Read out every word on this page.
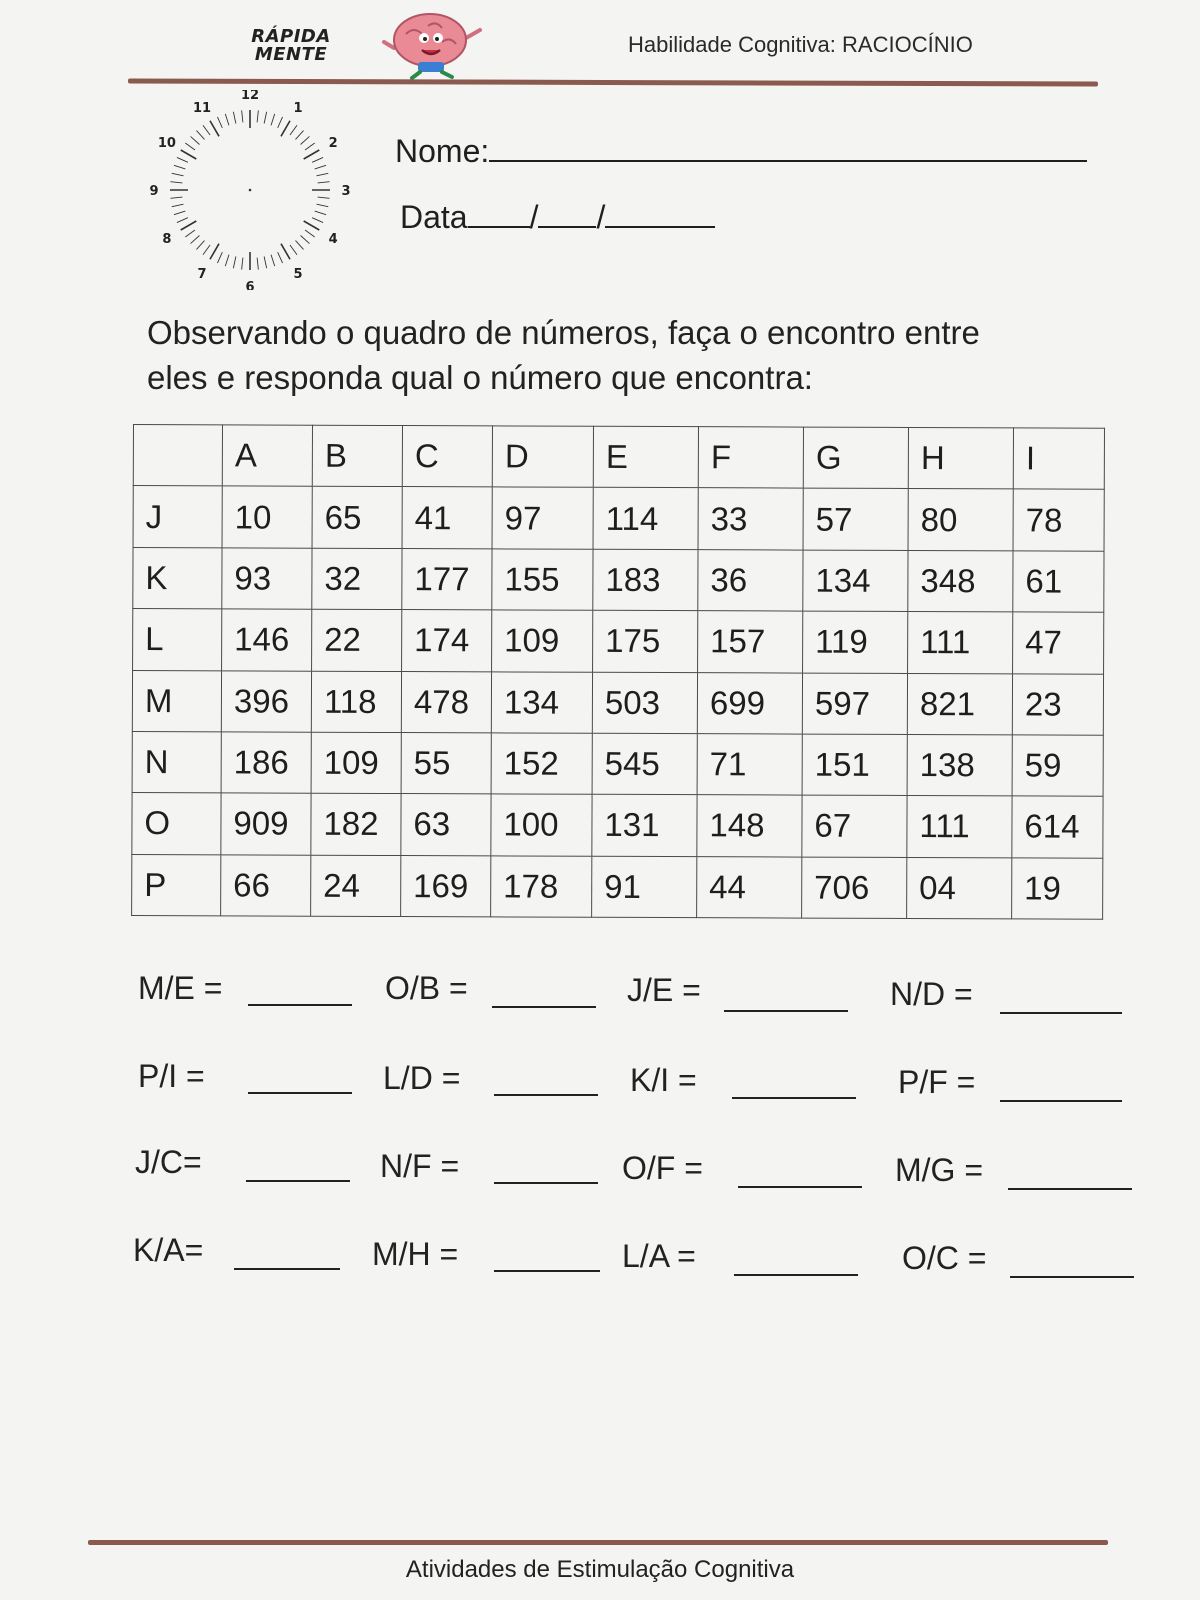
RÁPIDA
MENTE	Habilidade Cognitiva: RACIOCÍNIO
12
1
2
3
4
5
6
7
8
9
10
11
Nome:
Data / /
Observando o quadro de números, faça o encontro entre
eles e responda qual o número que encontra:
	A	B	C	D	E	F	G	H	I
J	10	65	41	97	114	33	57	80	78
K	93	32	177	155	183	36	134	348	61
L	146	22	174	109	175	157	119	111	47
M	396	118	478	134	503	699	597	821	23
N	186	109	55	152	545	71	151	138	59
O	909	182	63	100	131	148	67	111	614
P	66	24	169	178	91	44	706	04	19
M/E =	O/B =	J/E =	N/D =
P/I =	L/D =	K/I =	P/F =
J/C=	N/F =	O/F =	M/G =
K/A=	M/H =	L/A =	O/C =
Atividades de Estimulação Cognitiva
